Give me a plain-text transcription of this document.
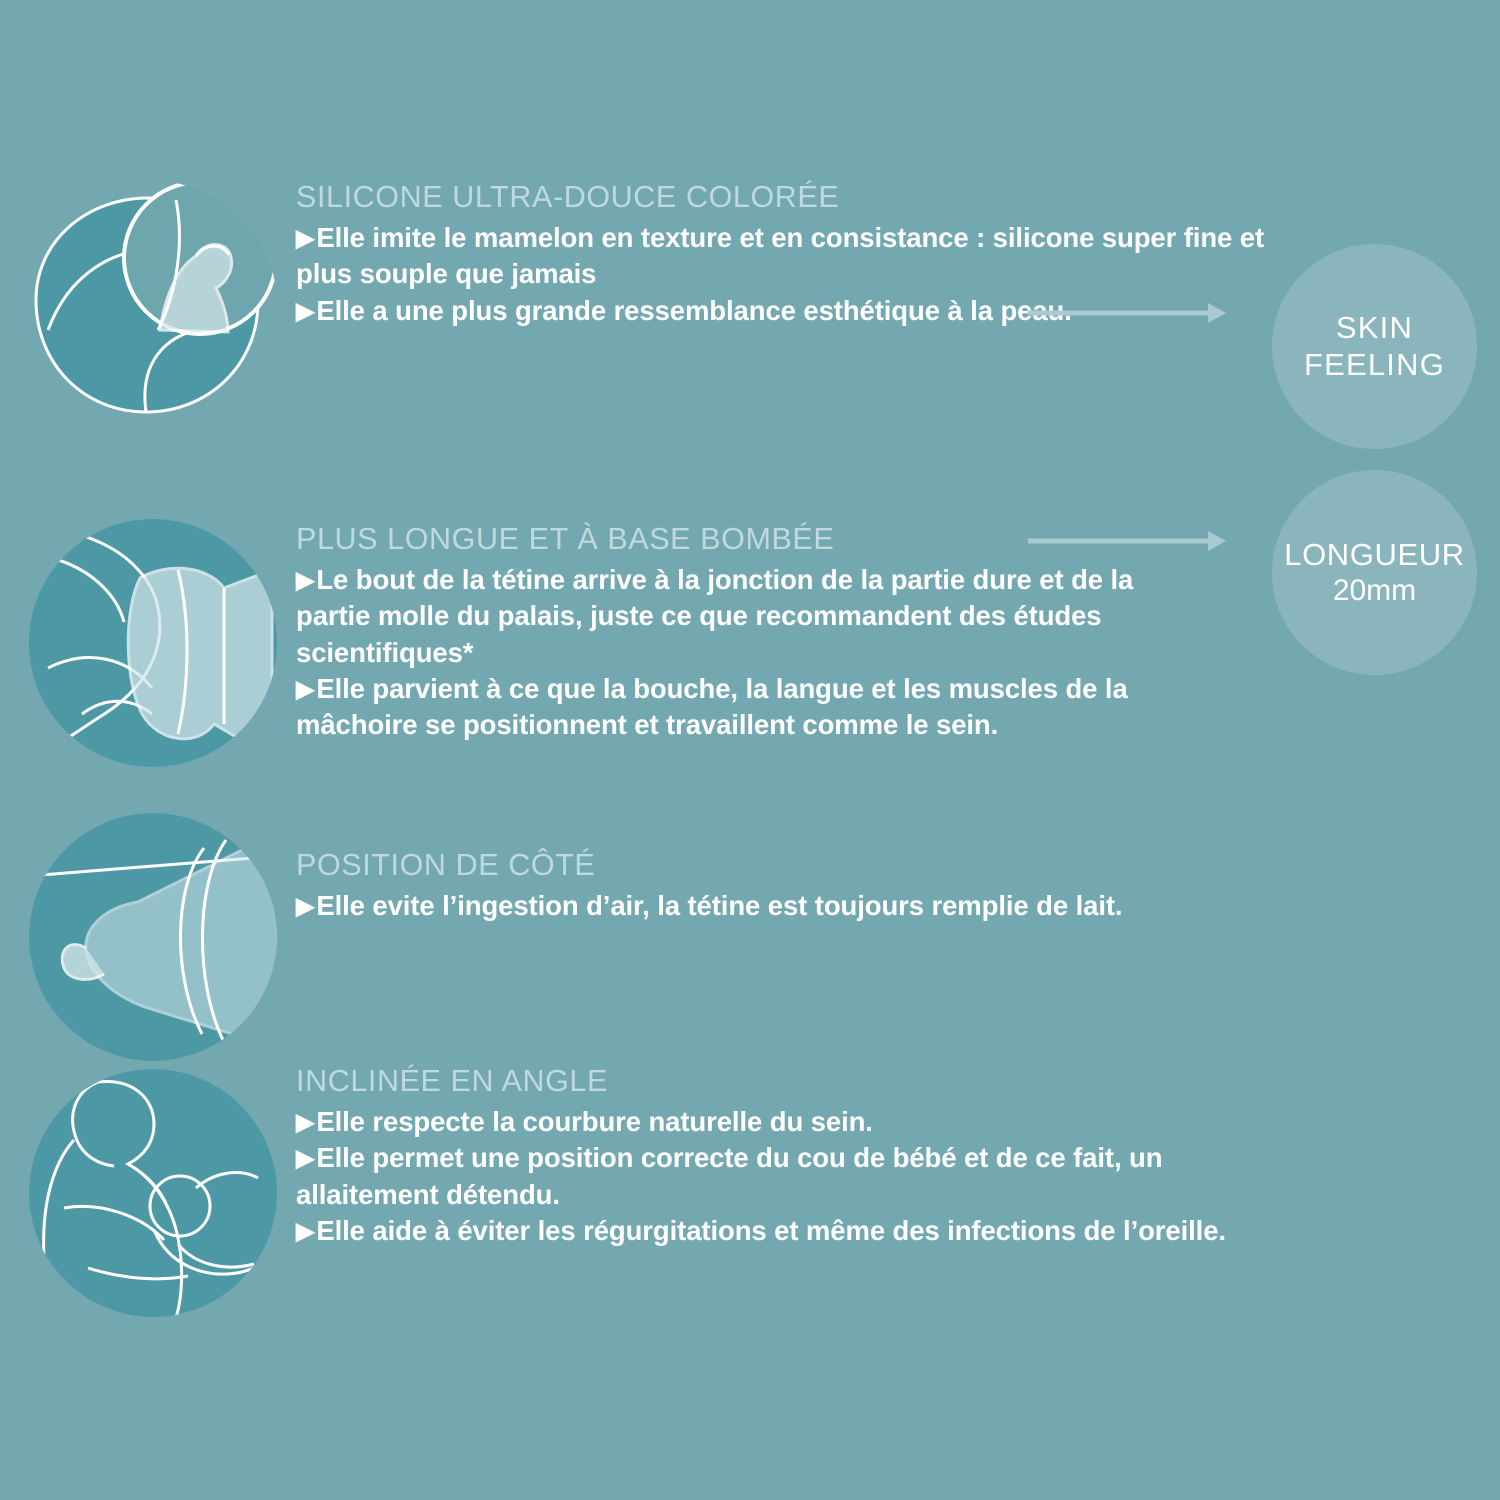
SILICONE ULTRA-DOUCE COLORÉE
▶Elle imite le mamelon en texture et en consistance : silicone super fine et plus souple que jamais
▶Elle a une plus grande ressemblance esthétique à la peau.
PLUS LONGUE ET À BASE BOMBÉE
▶Le bout de la tétine arrive à la jonction de la partie dure et de la partie molle du palais, juste ce que recommandent des études scientifiques*
▶Elle parvient à ce que la bouche, la langue et les muscles de la mâchoire se positionnent et travaillent comme le sein.
POSITION DE CÔTÉ
▶Elle evite l’ingestion d’air, la tétine est toujours remplie de lait.
INCLINÉE EN ANGLE
▶Elle respecte la courbure naturelle du sein.
▶Elle permet une position correcte du cou de bébé et de ce fait, un allaitement détendu.
▶Elle aide à éviter les régurgitations et même des infections de l’oreille.
SKIN FEELING
LONGUEUR
20mm
